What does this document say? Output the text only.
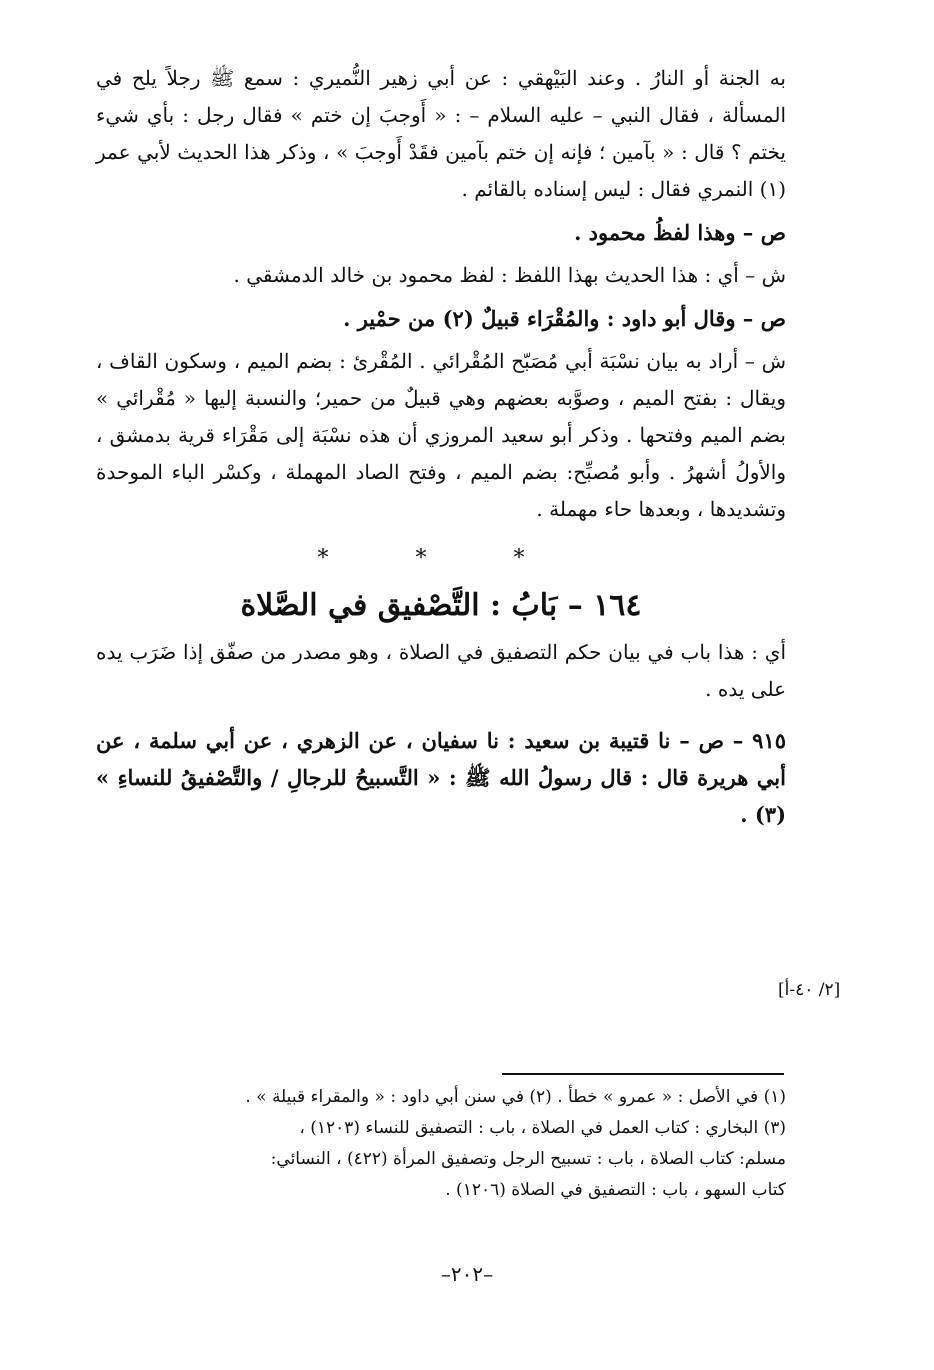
به الجنة أو النارُ . وعند البَيْهقي : عن أبي زهير النُّميري : سمع ﷺ رجلاً يلح في المسألة ، فقال النبي – عليه السلام – : « أَوجبَ إن ختم » فقال رجل : بأي شيء يختم ؟ قال : « بآمين ؛ فإنه إن ختم بآمين فقَدْ أَوجبَ » ، وذكر هذا الحديث لأبي عمر (١) النمري فقال : ليس إسناده بالقائم .

ص – وهذا لفظُ محمود .

ش – أي : هذا الحديث بهذا اللفظ : لفظ محمود بن خالد الدمشقي .

ص – وقال أبو داود : والمُقْرَاء قبيلٌ (٢) من حمْير .

ش – أراد به بيان نسْبَة أبي مُصَبّح المُقْرائي . المُقْرئ : بضم الميم ، وسكون القاف ، ويقال : بفتح الميم ، وصوَّبه بعضهم وهي قبيلٌ من حمير؛ والنسبة إليها « مُقْرائي » بضم الميم وفتحها . وذكر أبو سعيد المروزي أن هذه نسْبَة إلى مَقْرَاء قرية بدمشق ، والأولُ أشهرُ . وأبو مُصبِّح: بضم الميم ، وفتح الصاد المهملة ، وكسْر الباء الموحدة وتشديدها ، وبعدها حاء مهملة .

* * *
١٦٤ – بَابُ : التَّصْفيق في الصَّلاة

أي : هذا باب في بيان حكم التصفيق في الصلاة ، وهو مصدر من صفّق إذا ضَرَب يده على يده .

٩١٥ – ص – نا قتيبة بن سعيد : نا سفيان ، عن الزهري ، عن أبي سلمة ، عن أبي هريرة قال : قال رسولُ الله ﷺ : « التَّسبيحُ للرجالِ / والتَّصْفيقُ للنساءِ » (٣) .

[٢/ ٤٠-أ]

(١) في الأصل : « عمرو » خطأ . (٢) في سنن أبي داود : « والمقراء قبيلة » .

(٣) البخاري : كتاب العمل في الصلاة ، باب : التصفيق للنساء (١٢٠٣) ،

مسلم: كتاب الصلاة ، باب : تسبيح الرجل وتصفيق المرأة (٤٢٢) ، النسائي:

كتاب السهو ، باب : التصفيق في الصلاة (١٢٠٦) .

–٢٠٢–
